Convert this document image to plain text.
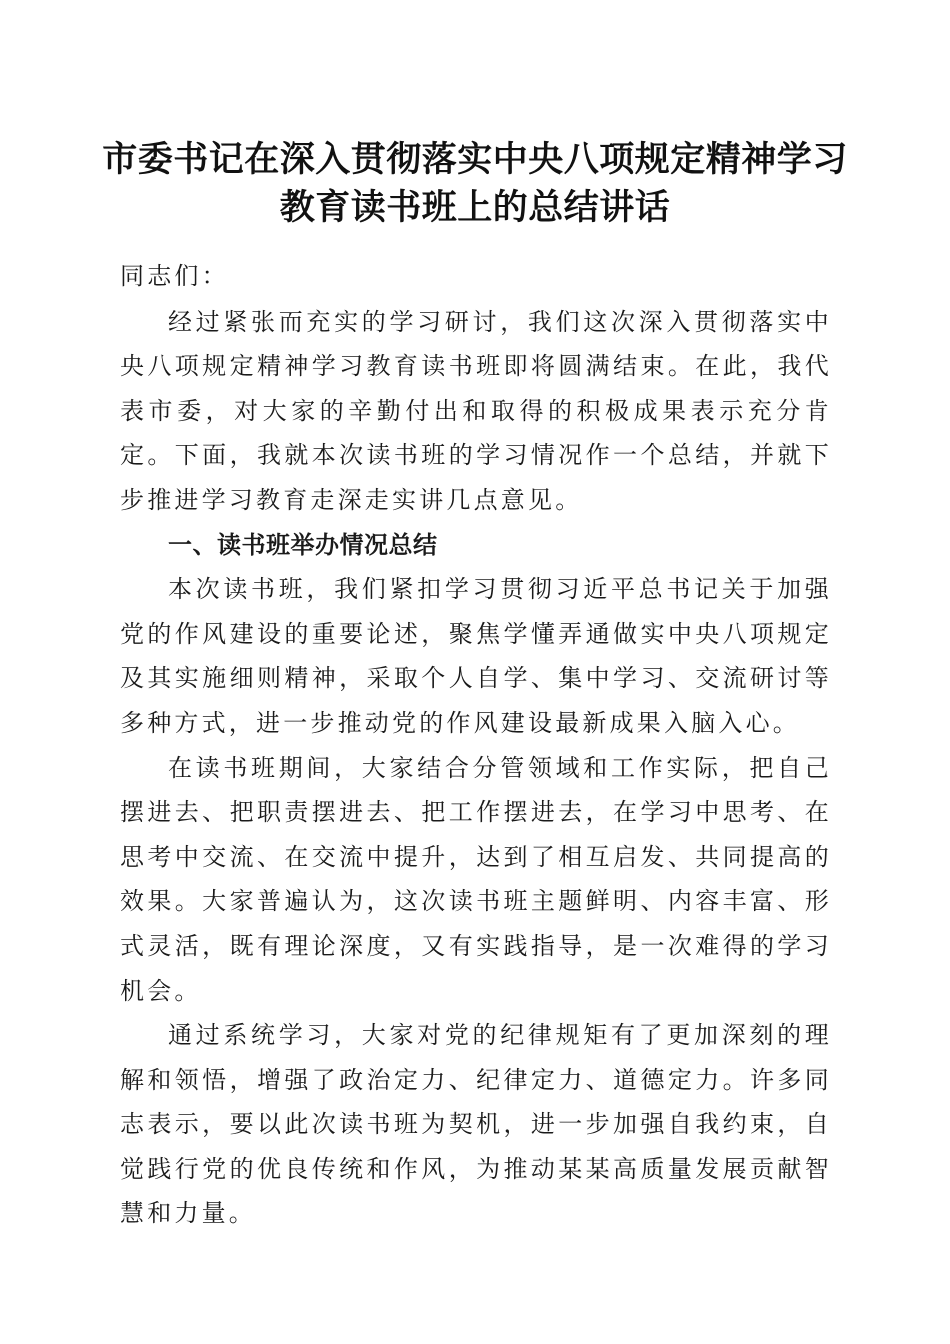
市委书记在深入贯彻落实中央八项规定精神学习教育读书班上的总结讲话

同志们：

经过紧张而充实的学习研讨，我们这次深入贯彻落实中央八项规定精神学习教育读书班即将圆满结束。在此，我代表市委，对大家的辛勤付出和取得的积极成果表示充分肯定。下面，我就本次读书班的学习情况作一个总结，并就下步推进学习教育走深走实讲几点意见。

一、读书班举办情况总结

本次读书班，我们紧扣学习贯彻习近平总书记关于加强党的作风建设的重要论述，聚焦学懂弄通做实中央八项规定及其实施细则精神，采取个人自学、集中学习、交流研讨等多种方式，进一步推动党的作风建设最新成果入脑入心。

在读书班期间，大家结合分管领域和工作实际，把自己摆进去、把职责摆进去、把工作摆进去，在学习中思考、在思考中交流、在交流中提升，达到了相互启发、共同提高的效果。大家普遍认为，这次读书班主题鲜明、内容丰富、形式灵活，既有理论深度，又有实践指导，是一次难得的学习机会。

通过系统学习，大家对党的纪律规矩有了更加深刻的理解和领悟，增强了政治定力、纪律定力、道德定力。许多同志表示，要以此次读书班为契机，进一步加强自我约束，自觉践行党的优良传统和作风，为推动某某高质量发展贡献智慧和力量。
